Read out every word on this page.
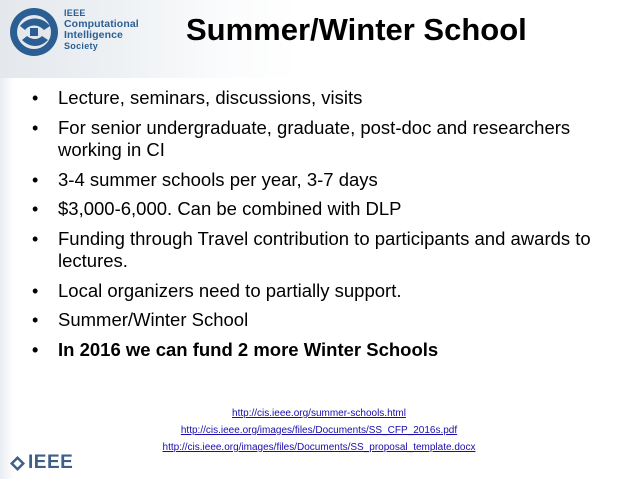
IEEE
Computational
Intelligence
Society	Summer/Winter School
• Lecture, seminars, discussions, visits
• For senior undergraduate, graduate, post-doc and researchers working in CI
• 3-4 summer schools per year, 3-7 days
• $3,000-6,000. Can be combined with DLP
• Funding through Travel contribution to participants and awards to lectures.
• Local organizers need to partially support.
• Summer/Winter School
• In 2016 we can fund 2 more Winter Schools
http://cis.ieee.org/summer-schools.html
http://cis.ieee.org/images/files/Documents/SS_CFP_2016s.pdf
http://cis.ieee.org/images/files/Documents/SS_proposal_template.docx
IEEE
